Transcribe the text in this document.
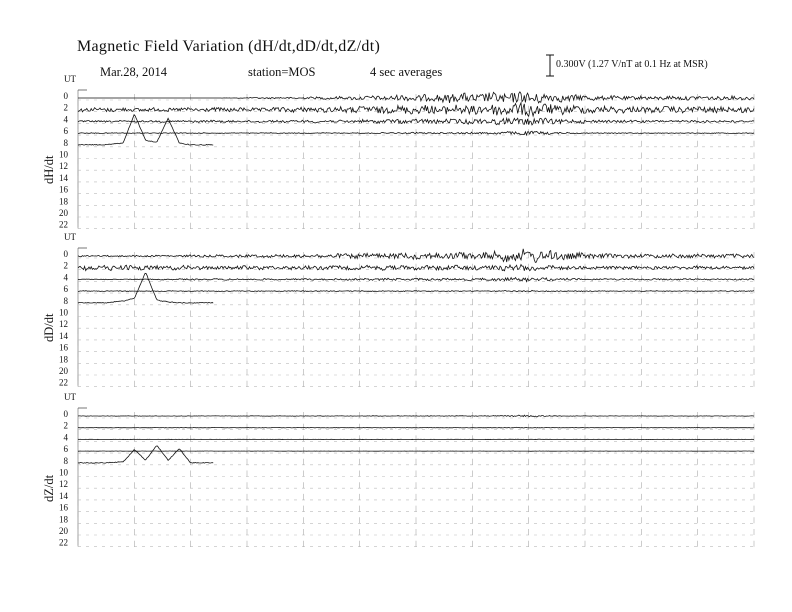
Magnetic Field Variation (dH/dt,dD/dt,dZ/dt)
Mar.28, 2014	station=MOS	4 sec averages
0.300V (1.27 V/nT at 0.1 Hz at MSR)
UT
0
2
4
6
8
10
12
14
16
18
20
22
UT
0
2
4
6
8
10
12
14
16
18
20
22
UT
0
2
4
6
8
10
12
14
16
18
20
22
dH/dt
dD/dt
dZ/dt
